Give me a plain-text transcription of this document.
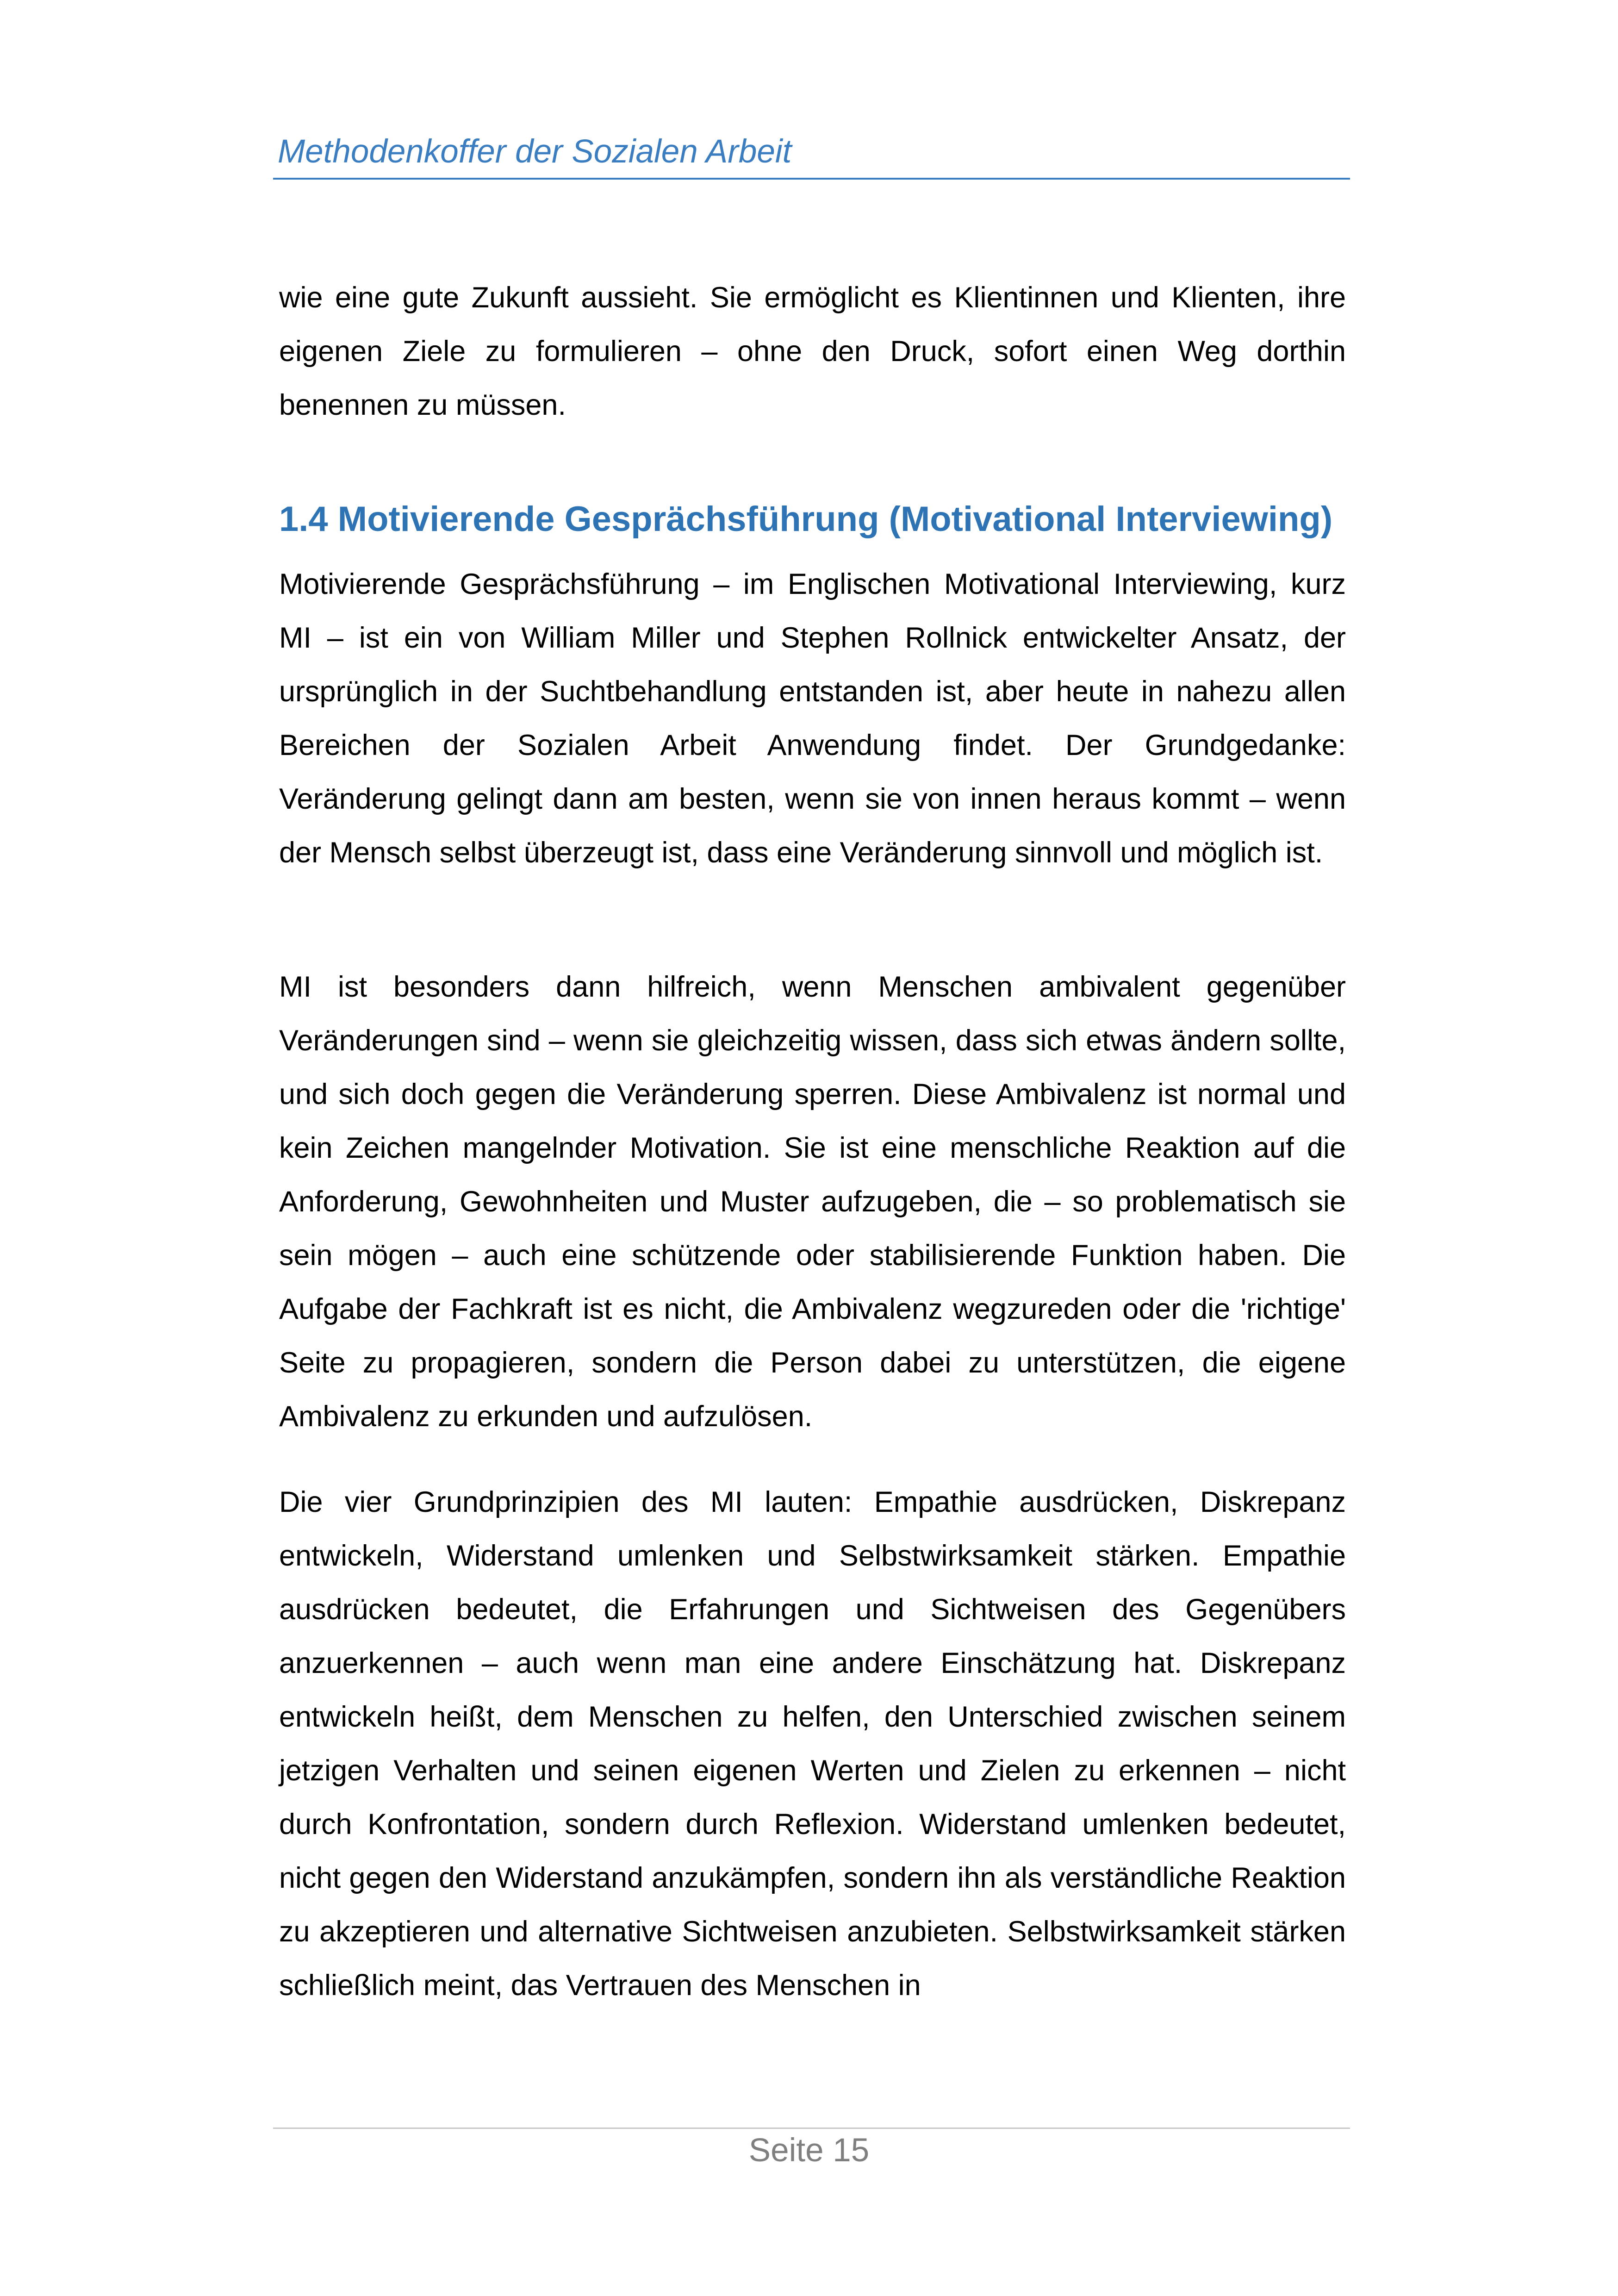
Methodenkoffer der Sozialen Arbeit

wie eine gute Zukunft aussieht. Sie ermöglicht es Klientinnen und Klienten, ihre eigenen Ziele zu formulieren – ohne den Druck, sofort einen Weg dorthin benennen zu müssen.

1.4 Motivierende Gesprächsführung (Motivational Interviewing)

Motivierende Gesprächsführung – im Englischen Motivational Interviewing, kurz MI – ist ein von William Miller und Stephen Rollnick entwickelter Ansatz, der ursprünglich in der Suchtbehandlung entstanden ist, aber heute in nahezu allen Bereichen der Sozialen Arbeit Anwendung findet. Der Grundgedanke: Veränderung gelingt dann am besten, wenn sie von innen heraus kommt – wenn der Mensch selbst überzeugt ist, dass eine Veränderung sinnvoll und möglich ist.

MI ist besonders dann hilfreich, wenn Menschen ambivalent gegenüber Veränderungen sind – wenn sie gleichzeitig wissen, dass sich etwas ändern sollte, und sich doch gegen die Veränderung sperren. Diese Ambivalenz ist normal und kein Zeichen mangelnder Motivation. Sie ist eine menschliche Reaktion auf die Anforderung, Gewohnheiten und Muster aufzugeben, die – so problematisch sie sein mögen – auch eine schützende oder stabilisierende Funktion haben. Die Aufgabe der Fachkraft ist es nicht, die Ambivalenz wegzureden oder die 'richtige' Seite zu propagieren, sondern die Person dabei zu unterstützen, die eigene Ambivalenz zu erkunden und aufzulösen.

Die vier Grundprinzipien des MI lauten: Empathie ausdrücken, Diskrepanz entwickeln, Widerstand umlenken und Selbstwirksamkeit stärken. Empathie ausdrücken bedeutet, die Erfahrungen und Sichtweisen des Gegenübers anzuerkennen – auch wenn man eine andere Einschätzung hat. Diskrepanz entwickeln heißt, dem Menschen zu helfen, den Unterschied zwischen seinem jetzigen Verhalten und seinen eigenen Werten und Zielen zu erkennen – nicht durch Konfrontation, sondern durch Reflexion. Widerstand umlenken bedeutet, nicht gegen den Widerstand anzukämpfen, sondern ihn als verständliche Reaktion zu akzeptieren und alternative Sichtweisen anzubieten. Selbstwirksamkeit stärken schließlich meint, das Vertrauen des Menschen in

Seite 15
